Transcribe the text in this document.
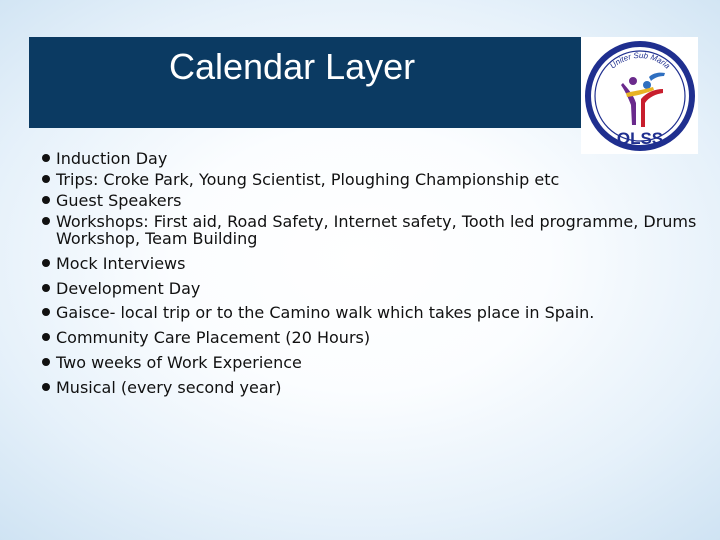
Calendar Layer	Uniter Sub Maria
OLSS
Induction Day
Trips: Croke Park, Young Scientist, Ploughing Championship etc
Guest Speakers
Workshops: First aid, Road Safety, Internet safety, Tooth led programme, Drums Workshop, Team Building
Mock Interviews
Development Day
Gaisce- local trip or to the Camino walk which takes place in Spain.
Community Care Placement (20 Hours)
Two weeks of Work Experience
Musical (every second year)
